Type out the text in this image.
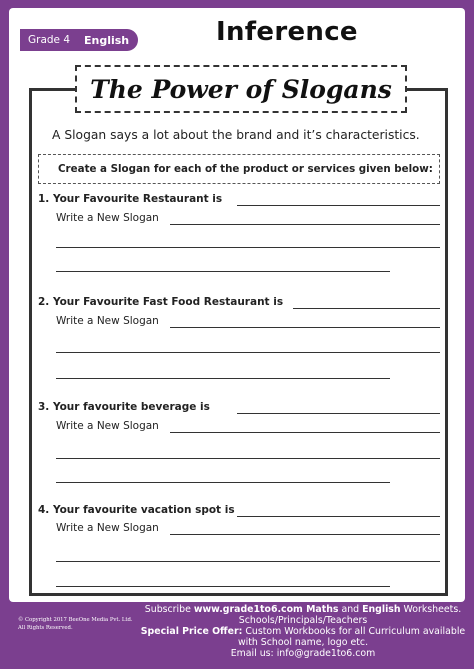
Grade 4 English	Inference
The Power of Slogans
A Slogan says a lot about the brand and it’s characteristics.
Create a Slogan for each of the product or services given below:
1. Your Favourite Restaurant is
Write a New Slogan
2. Your Favourite Fast Food Restaurant is
Write a New Slogan
3. Your favourite beverage is
Write a New Slogan
4. Your favourite vacation spot is
Write a New Slogan
© Copyright 2017 BeeOne Media Pvt. Ltd.
All Rights Reserved.
Subscribe www.grade1to6.com Maths and English Worksheets.
Schools/Principals/Teachers
Special Price Offer: Custom Workbooks for all Curriculum available
with School name, logo etc.
Email us: info@grade1to6.com
